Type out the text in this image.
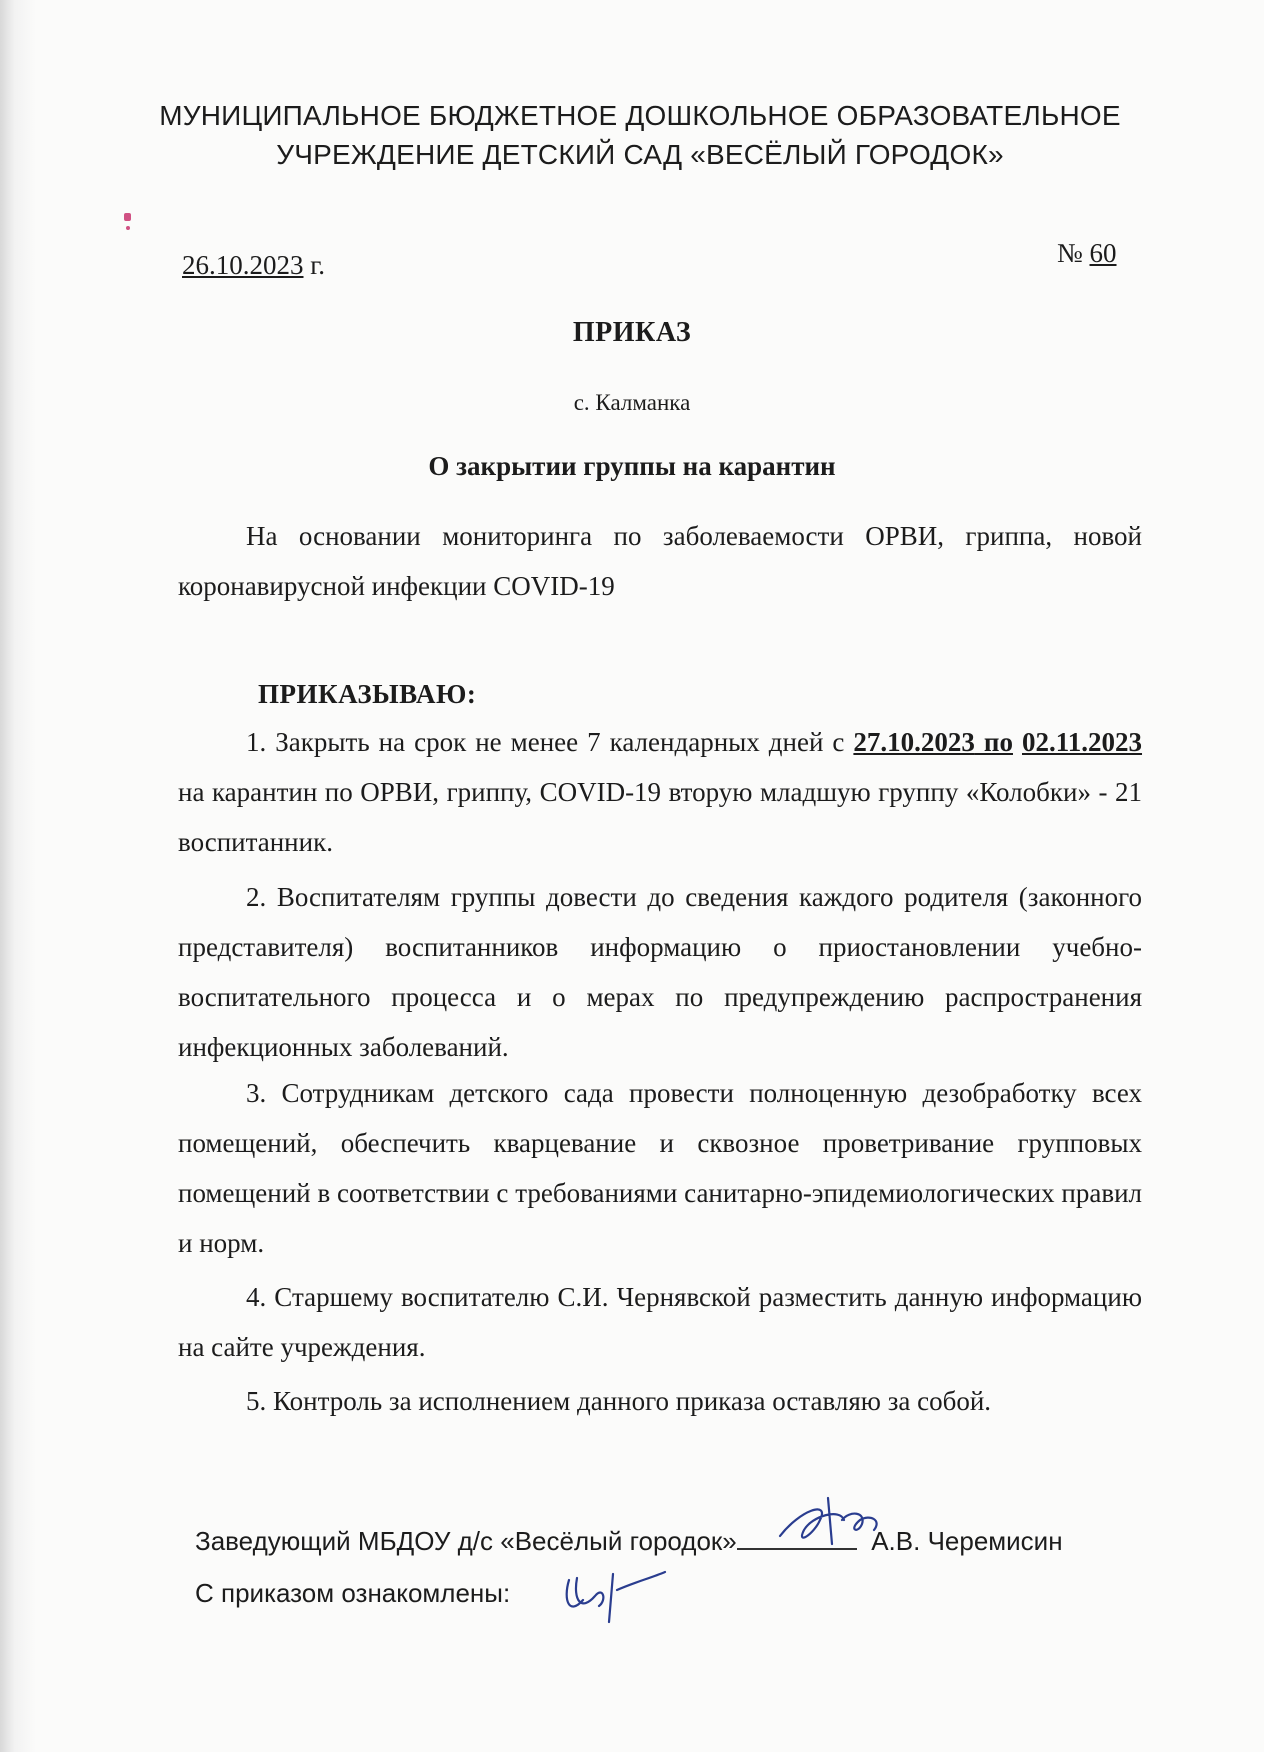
МУНИЦИПАЛЬНОЕ БЮДЖЕТНОЕ ДОШКОЛЬНОЕ ОБРАЗОВАТЕЛЬНОЕ
УЧРЕЖДЕНИЕ ДЕТСКИЙ САД «ВЕСЁЛЫЙ ГОРОДОК»
26.10.2023 г.	№ 60
ПРИКАЗ
с. Калманка
О закрытии группы на карантин
На основании мониторинга по заболеваемости ОРВИ, гриппа, новой коронавирусной инфекции COVID-19
ПРИКАЗЫВАЮ:
1. Закрыть на срок не менее 7 календарных дней с 27.10.2023 по 02.11.2023 на карантин по ОРВИ, гриппу, COVID-19 вторую младшую группу «Колобки» - 21 воспитанник.
2. Воспитателям группы довести до сведения каждого родителя (законного представителя) воспитанников информацию о приостановлении учебно-воспитательного процесса и о мерах по предупреждению распространения инфекционных заболеваний.
3. Сотрудникам детского сада провести полноценную дезобработку всех помещений, обеспечить кварцевание и сквозное проветривание групповых помещений в соответствии с требованиями санитарно-эпидемиологических правил и норм.
4. Старшему воспитателю С.И. Чернявской разместить данную информацию на сайте учреждения.
5. Контроль за исполнением данного приказа оставляю за собой.
Заведующий МБДОУ д/с «Весёлый городок»	А.В. Черемисин
С приказом ознакомлены:
